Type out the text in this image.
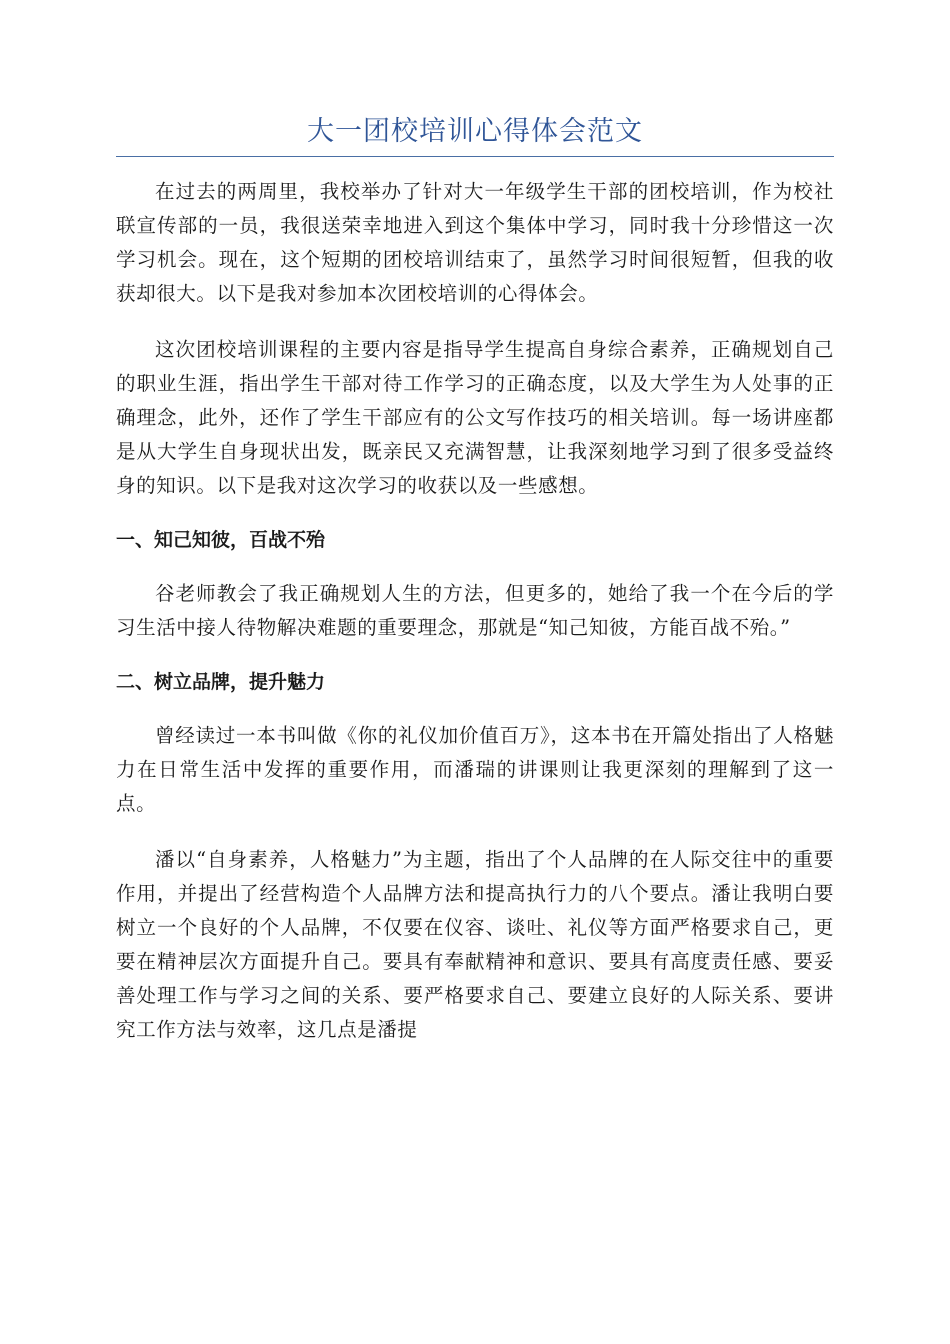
大一团校培训心得体会范文

在过去的两周里，我校举办了针对大一年级学生干部的团校培训，作为校社联宣传部的一员，我很送荣幸地进入到这个集体中学习，同时我十分珍惜这一次学习机会。现在，这个短期的团校培训结束了，虽然学习时间很短暂，但我的收获却很大。以下是我对参加本次团校培训的心得体会。

这次团校培训课程的主要内容是指导学生提高自身综合素养，正确规划自己的职业生涯，指出学生干部对待工作学习的正确态度，以及大学生为人处事的正确理念，此外，还作了学生干部应有的公文写作技巧的相关培训。每一场讲座都是从大学生自身现状出发，既亲民又充满智慧，让我深刻地学习到了很多受益终身的知识。以下是我对这次学习的收获以及一些感想。

一、知己知彼，百战不殆

谷老师教会了我正确规划人生的方法，但更多的，她给了我一个在今后的学习生活中接人待物解决难题的重要理念，那就是“知己知彼，方能百战不殆。”

二、树立品牌，提升魅力

曾经读过一本书叫做《你的礼仪加价值百万》，这本书在开篇处指出了人格魅力在日常生活中发挥的重要作用，而潘瑞的讲课则让我更深刻的理解到了这一点。

潘以“自身素养，人格魅力”为主题，指出了个人品牌的在人际交往中的重要作用，并提出了经营构造个人品牌方法和提高执行力的八个要点。潘让我明白要树立一个良好的个人品牌，不仅要在仪容、谈吐、礼仪等方面严格要求自己，更要在精神层次方面提升自己。要具有奉献精神和意识、要具有高度责任感、要妥善处理工作与学习之间的关系、要严格要求自己、要建立良好的人际关系、要讲究工作方法与效率，这几点是潘提
